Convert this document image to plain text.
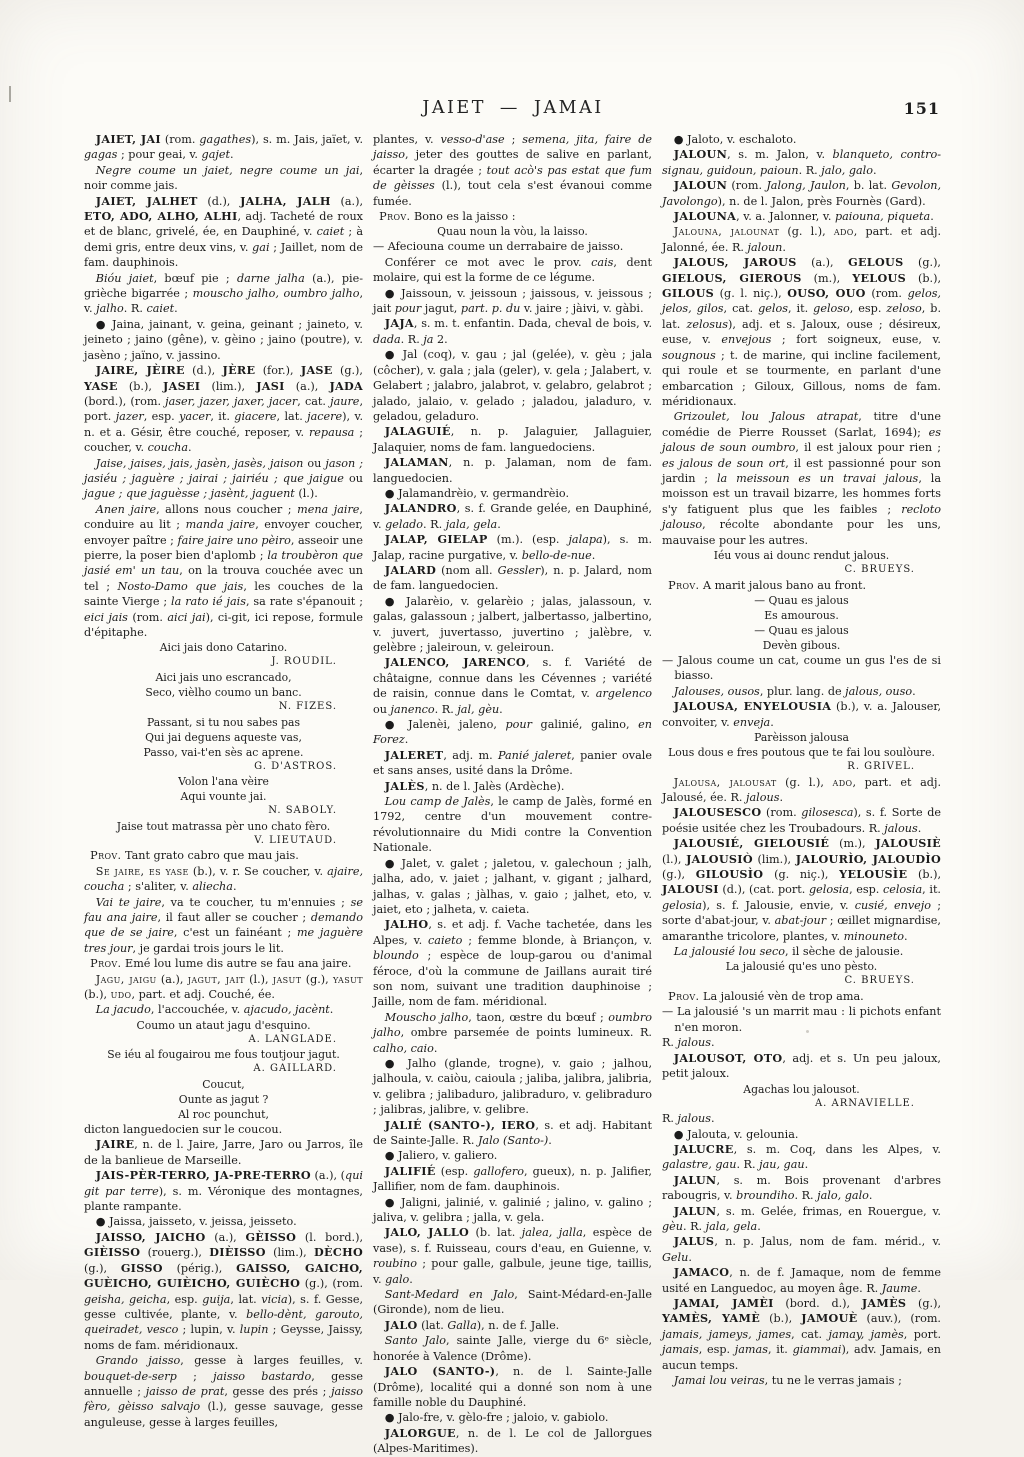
JAIET — JAMAI	151

JAIET, JAI (rom. gagathes), s. m. Jais, jaïet, v. gagas ; pour geai, v. gajet.

Negre coume un jaiet, negre coume un jai, noir comme jais.

JAIET, JALHET (d.), JALHA, JALH (a.), ETO, ADO, ALHO, ALHI, adj. Tacheté de roux et de blanc, grivelé, ée, en Dauphiné, v. caiet ; à demi gris, entre deux vins, v. gai ; Jaillet, nom de fam. dauphinois.

Bióu jaiet, bœuf pie ; darne jalha (a.), pie-grièche bigarrée ; mouscho jalho, oumbro jalho, v. jalho. R. caiet.

● Jaina, jainant, v. geina, geinant ; jaineto, v. jeineto ; jaino (gêne), v. gèino ; jaino (poutre), v. jasèno ; jaïno, v. jassino.

JAIRE, JÈIRE (d.), JÈRE (for.), JASE (g.), YASE (b.), JASEI (lim.), JASI (a.), JADA (bord.), (rom. jaser, jazer, jaxer, jacer, cat. jaure, port. jazer, esp. yacer, it. giacere, lat. jacere), v. n. et a. Gésir, être couché, reposer, v. repausa ; coucher, v. coucha.

Jaise, jaises, jais, jasèn, jasès, jaison ou jason ; jasiéu ; jaguère ; jairai ; jairiéu ; que jaigue ou jague ; que jaguèsse ; jasènt, jaguent (l.).

Anen jaire, allons nous coucher ; mena jaire, conduire au lit ; manda jaire, envoyer coucher, envoyer paître ; faire jaire uno pèiro, asseoir une pierre, la poser bien d'aplomb ; la troubèron que jasié em' un tau, on la trouva couchée avec un tel ; Nosto-Damo que jais, les couches de la sainte Vierge ; la rato ié jais, sa rate s'épanouit ; eici jais (rom. aici jai), ci-git, ici repose, formule d'épitaphe.

Aici jais dono Catarino.

J. ROUDIL.

Aici jais uno escrancado,

Seco, vièlho coumo un banc.

N. FIZES.

Passant, si tu nou sabes pas

Qui jai deguens aqueste vas,

Passo, vai-t'en sès ac aprene.

G. D'ASTROS.

Volon l'ana vèire

Aqui vounte jai.

N. SABOLY.

Jaise tout matrassa pèr uno chato fèro.

V. LIEUTAUD.

Prov. Tant grato cabro que mau jais.

Se jaire, es yase (b.), v. r. Se coucher, v. ajaire, coucha ; s'aliter, v. aliecha.

Vai te jaire, va te coucher, tu m'ennuies ; se fau ana jaire, il faut aller se coucher ; demando que de se jaire, c'est un fainéant ; me jaguère tres jour, je gardai trois jours le lit.

Prov. Emé lou lume dis autre se fau ana jaire.

Jagu, jaigu (a.), jagut, jait (l.), jasut (g.), yasut (b.), udo, part. et adj. Couché, ée.

La jacudo, l'accouchée, v. ajacudo, jacènt.

Coumo un ataut jagu d'esquino.

A. LANGLADE.

Se iéu al fougairou me fous toutjour jagut.

A. GAILLARD.

Coucut,

Ounte as jagut ?

Al roc pounchut,

dicton languedocien sur le coucou.

JAIRE, n. de l. Jaire, Jarre, Jaro ou Jarros, île de la banlieue de Marseille.

JAIS-PÈR-TERRO, JA-PRE-TERRO (a.), (qui git par terre), s. m. Véronique des montagnes, plante rampante.

● Jaissa, jaisseto, v. jeissa, jeisseto.

JAISSO, JAICHO (a.), GÈISSO (l. bord.), GIÈISSO (rouerg.), DIÈISSO (lim.), DÈCHO (g.), GISSO (périg.), GAISSO, GAICHO, GUÈICHO, GUIÈICHO, GUIÈCHO (g.), (rom. geisha, geicha, esp. guija, lat. vicia), s. f. Gesse, gesse cultivée, plante, v. bello-dènt, garouto, queiradet, vesco ; lupin, v. lupin ; Geysse, Jaissy, noms de fam. méridionaux.

Grando jaisso, gesse à larges feuilles, v. bouquet-de-serp ; jaisso bastardo, gesse annuelle ; jaisso de prat, gesse des prés ; jaisso fèro, gèisso salvajo (l.), gesse sauvage, gesse anguleuse, gesse à larges feuilles,

plantes, v. vesso-d'ase ; semena, jita, faire de jaisso, jeter des gouttes de salive en parlant, écarter la dragée ; tout acò's pas estat que fum de gèisses (l.), tout cela s'est évanoui comme fumée.

Prov. Bono es la jaisso :

Quau noun la vòu, la laisso.

— Afeciouna coume un derrabaire de jaisso.

Conférer ce mot avec le prov. cais, dent molaire, qui est la forme de ce légume.

● Jaissoun, v. jeissoun ; jaissous, v. jeissous ; jait pour jagut, part. p. du v. jaire ; jàivi, v. gàbi.

JAJA, s. m. t. enfantin. Dada, cheval de bois, v. dada. R. ja 2.

● Jal (coq), v. gau ; jal (gelée), v. gèu ; jala (côcher), v. gala ; jala (geler), v. gela ; Jalabert, v. Gelabert ; jalabro, jalabrot, v. gelabro, gelabrot ; jalado, jalaio, v. gelado ; jaladou, jaladuro, v. geladou, geladuro.

JALAGUIÉ, n. p. Jalaguier, Jallaguier, Jalaquier, noms de fam. languedociens.

JALAMAN, n. p. Jalaman, nom de fam. languedocien.

● Jalamandrèio, v. germandrèio.

JALANDRO, s. f. Grande gelée, en Dauphiné, v. gelado. R. jala, gela.

JALAP, GIELAP (m.). (esp. jalapa), s. m. Jalap, racine purgative, v. bello-de-nue.

JALARD (nom all. Gessler), n. p. Jalard, nom de fam. languedocien.

● Jalarèio, v. gelarèio ; jalas, jalassoun, v. galas, galassoun ; jalbert, jalbertasso, jalbertino, v. juvert, juvertasso, juvertino ; jalèbre, v. gelèbre ; jaleiroun, v. geleiroun.

JALENCO, JARENCO, s. f. Variété de châtaigne, connue dans les Cévennes ; variété de raisin, connue dans le Comtat, v. argelenco ou janenco. R. jal, gèu.

● Jalenèi, jaleno, pour galinié, galino, en Forez.

JALERET, adj. m. Panié jaleret, panier ovale et sans anses, usité dans la Drôme.

JALÈS, n. de l. Jalès (Ardèche).

Lou camp de Jalès, le camp de Jalès, formé en 1792, centre d'un mouvement contre-révolutionnaire du Midi contre la Convention Nationale.

● Jalet, v. galet ; jaletou, v. galechoun ; jalh, jalha, ado, v. jaiet ; jalhant, v. gigant ; jalhard, jalhas, v. galas ; jàlhas, v. gaio ; jalhet, eto, v. jaiet, eto ; jalheta, v. caieta.

JALHO, s. et adj. f. Vache tachetée, dans les Alpes, v. caieto ; femme blonde, à Briançon, v. bloundo ; espèce de loup-garou ou d'animal féroce, d'où la commune de Jaillans aurait tiré son nom, suivant une tradition dauphinoise ; Jaille, nom de fam. méridional.

Mouscho jalho, taon, œstre du bœuf ; oumbro jalho, ombre parsemée de points lumineux. R. calho, caio.

● Jalho (glande, trogne), v. gaio ; jalhou, jalhoula, v. caiòu, caioula ; jaliba, jalibra, jalibria, v. gelibra ; jalibaduro, jalibraduro, v. gelibraduro ; jalibras, jalibre, v. gelibre.

JALIÉ (SANTO-), IERO, s. et adj. Habitant de Sainte-Jalle. R. Jalo (Santo-).

● Jaliero, v. galiero.

JALIFIÉ (esp. gallofero, gueux), n. p. Jalifier, Jallifier, nom de fam. dauphinois.

● Jaligni, jalinié, v. galinié ; jalino, v. galino ; jaliva, v. gelibra ; jalla, v. gela.

JALO, JALLO (b. lat. jalea, jalla, espèce de vase), s. f. Ruisseau, cours d'eau, en Guienne, v. roubino ; pour galle, galbule, jeune tige, taillis, v. galo.

Sant-Medard en Jalo, Saint-Médard-en-Jalle (Gironde), nom de lieu.

JALO (lat. Galla), n. de f. Jalle.

Santo Jalo, sainte Jalle, vierge du 6ᵉ siècle, honorée à Valence (Drôme).

JALO (SANTO-), n. de l. Sainte-Jalle (Drôme), localité qui a donné son nom à une famille noble du Dauphiné.

● Jalo-fre, v. gèlo-fre ; jaloio, v. gabiolo.

JALORGUE, n. de l. Le col de Jallorgues (Alpes-Maritimes).

● Jaloto, v. eschaloto.

JALOUN, s. m. Jalon, v. blanqueto, contro-signau, guidoun, paioun. R. jalo, galo.

JALOUN (rom. Jalong, Jaulon, b. lat. Gevolon, Javolongo), n. de l. Jalon, près Fournès (Gard).

JALOUNA, v. a. Jalonner, v. paiouna, piqueta.

Jalouna, jalounat (g. l.), ado, part. et adj. Jalonné, ée. R. jaloun.

JALOUS, JAROUS (a.), GELOUS (g.), GIELOUS, GIEROUS (m.), YELOUS (b.), GILOUS (g. l. niç.), OUSO, OUO (rom. gelos, jelos, gilos, cat. gelos, it. geloso, esp. zeloso, b. lat. zelosus), adj. et s. Jaloux, ouse ; désireux, euse, v. envejous ; fort soigneux, euse, v. sougnous ; t. de marine, qui incline facilement, qui roule et se tourmente, en parlant d'une embarcation ; Giloux, Gillous, noms de fam. méridionaux.

Grizoulet, lou Jalous atrapat, titre d'une comédie de Pierre Rousset (Sarlat, 1694); es jalous de soun oumbro, il est jaloux pour rien ; es jalous de soun ort, il est passionné pour son jardin ; la meissoun es un travai jalous, la moisson est un travail bizarre, les hommes forts s'y fatiguent plus que les faibles ; recloto jalouso, récolte abondante pour les uns, mauvaise pour les autres.

Iéu vous ai dounc rendut jalous.

C. BRUEYS.

Prov. A marit jalous bano au front.

— Quau es jalous

Es amourous.

— Quau es jalous

Devèn gibous.

— Jalous coume un cat, coume un gus l'es de si biasso.

Jalouses, ousos, plur. lang. de jalous, ouso.

JALOUSA, ENYELOUSIA (b.), v. a. Jalouser, convoiter, v. enveja.

Parèisson jalousa

Lous dous e fres poutous que te fai lou soulòure.

R. GRIVEL.

Jalousa, jalousat (g. l.), ado, part. et adj. Jalousé, ée. R. jalous.

JALOUSESCO (rom. gilosesca), s. f. Sorte de poésie usitée chez les Troubadours. R. jalous.

JALOUSIÉ, GIELOUSIÉ (m.), JALOUSIÈ (l.), JALOUSIÒ (lim.), JALOURÌO, JALOUDÌO (g.), GILOUSÌO (g. niç.), YELOUSÌE (b.), JALOUSI (d.), (cat. port. gelosia, esp. celosia, it. gelosia), s. f. Jalousie, envie, v. cusié, envejo ; sorte d'abat-jour, v. abat-jour ; œillet mignardise, amaranthe tricolore, plantes, v. minouneto.

La jalousié lou seco, il sèche de jalousie.

La jalousié qu'es uno pèsto.

C. BRUEYS.

Prov. La jalousié vèn de trop ama.

— La jalousié 's un marrit mau : li pichots enfant n'en moron.

R. jalous.

JALOUSOT, OTO, adj. et s. Un peu jaloux, petit jaloux.

Agachas lou jalousot.

A. ARNAVIELLE.

R. jalous.

● Jalouta, v. gelounia.

JALUCRE, s. m. Coq, dans les Alpes, v. galastre, gau. R. jau, gau.

JALUN, s. m. Bois provenant d'arbres rabougris, v. broundiho. R. jalo, galo.

JALUN, s. m. Gelée, frimas, en Rouergue, v. gèu. R. jala, gela.

JALUS, n. p. Jalus, nom de fam. mérid., v. Gelu.

JAMACO, n. de f. Jamaque, nom de femme usité en Languedoc, au moyen âge. R. Jaume.

JAMAI, JAMÈI (bord. d.), JAMÈS (g.), YAMÈS, YAMÈ (b.), JAMOUÈ (auv.), (rom. jamais, jameys, james, cat. jamay, jamès, port. jamais, esp. jamas, it. giammai), adv. Jamais, en aucun temps.

Jamai lou veiras, tu ne le verras jamais ;
